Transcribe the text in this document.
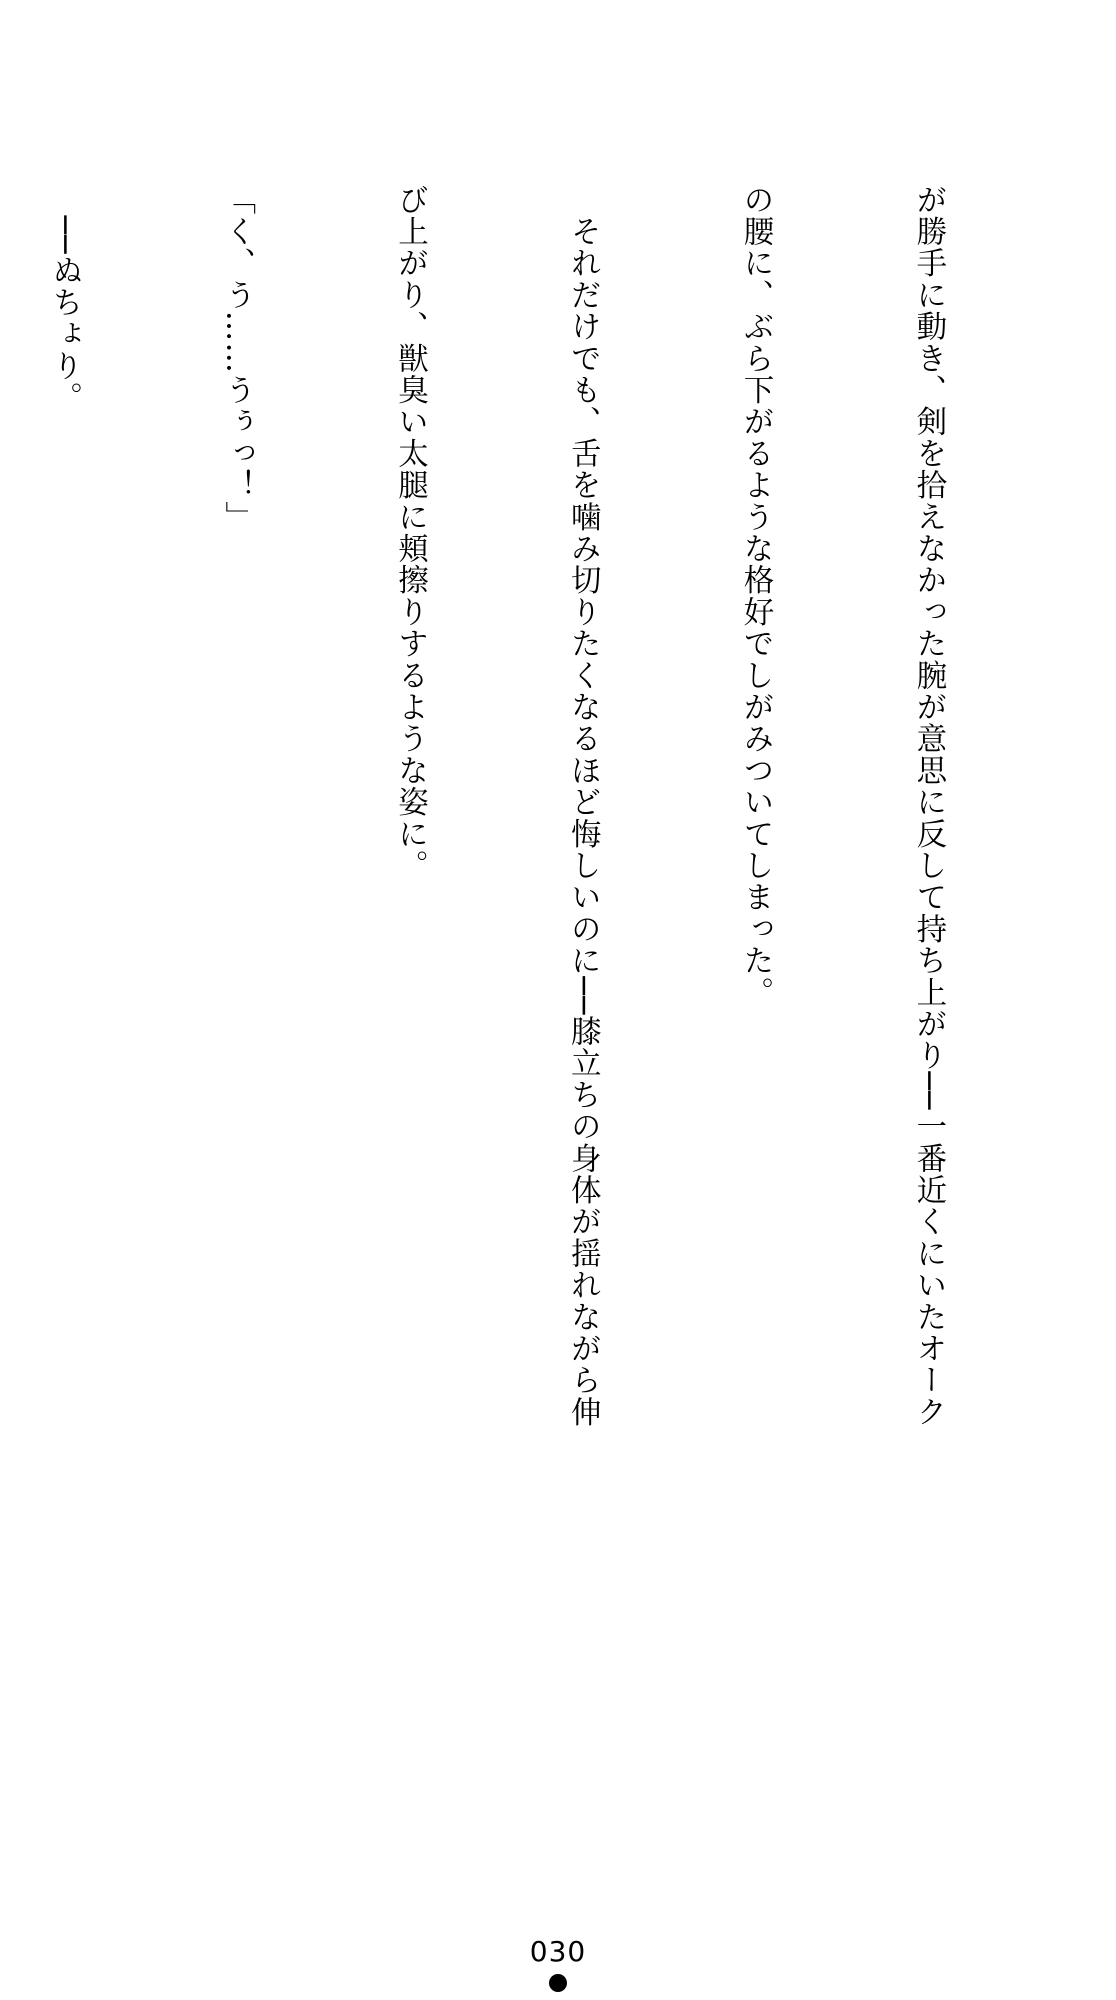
が勝手に動き、剣を拾えなかった腕が意思に反して持ち上がり──一番近くにいたオーク

の腰に、ぶら下がるような格好でしがみついてしまった。

　それだけでも、舌を噛み切りたくなるほど悔しいのに──膝立ちの身体が揺れながら伸

び上がり、獣臭い太腿に頬擦りするような姿に。

「く、う……うぅっ！」

　──ぬちょり。

030
